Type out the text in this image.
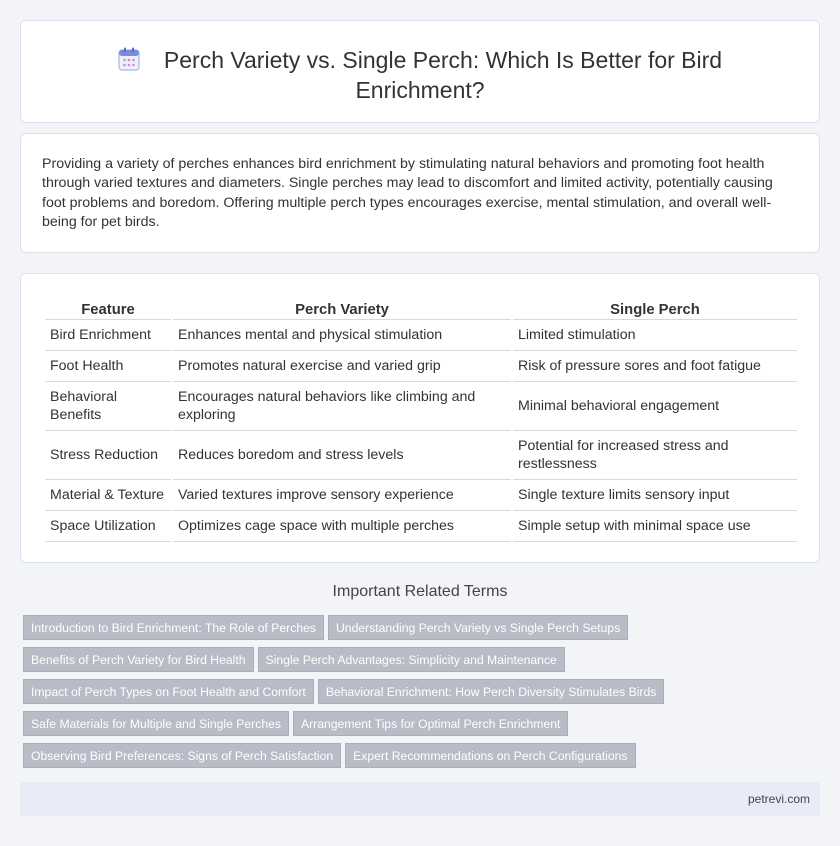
Perch Variety vs. Single Perch: Which Is Better for Bird Enrichment?

Providing a variety of perches enhances bird enrichment by stimulating natural behaviors and promoting foot health through varied textures and diameters. Single perches may lead to discomfort and limited activity, potentially causing foot problems and boredom. Offering multiple perch types encourages exercise, mental stimulation, and overall well-being for pet birds.

Feature	Perch Variety	Single Perch
Bird Enrichment	Enhances mental and physical stimulation	Limited stimulation
Foot Health	Promotes natural exercise and varied grip	Risk of pressure sores and foot fatigue
Behavioral Benefits	Encourages natural behaviors like climbing and exploring	Minimal behavioral engagement
Stress Reduction	Reduces boredom and stress levels	Potential for increased stress and restlessness
Material & Texture	Varied textures improve sensory experience	Single texture limits sensory input
Space Utilization	Optimizes cage space with multiple perches	Simple setup with minimal space use
Important Related Terms
Introduction to Bird Enrichment: The Role of Perches Understanding Perch Variety vs Single Perch Setups
Benefits of Perch Variety for Bird Health Single Perch Advantages: Simplicity and Maintenance
Impact of Perch Types on Foot Health and Comfort Behavioral Enrichment: How Perch Diversity Stimulates Birds
Safe Materials for Multiple and Single Perches Arrangement Tips for Optimal Perch Enrichment
Observing Bird Preferences: Signs of Perch Satisfaction Expert Recommendations on Perch Configurations
petrevi.com
